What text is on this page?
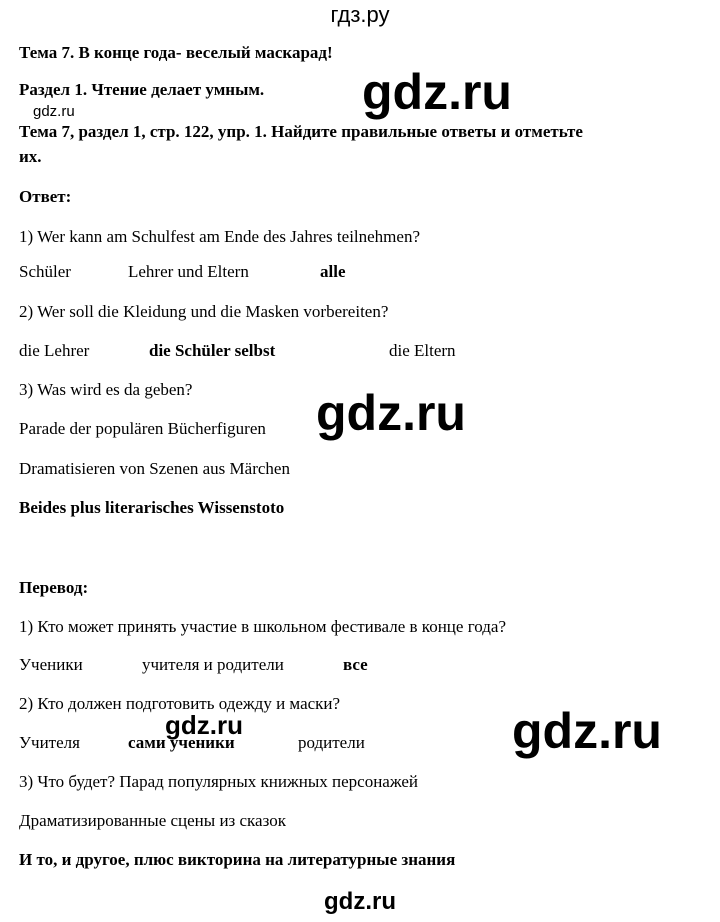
гдз.ру
Тема 7. В конце года- веселый маскарад!
Раздел 1. Чтение делает умным.
gdz.ru
Тема 7, раздел 1, стр. 122, упр. 1. Найдите правильные ответы и отметьте
их.
gdz.ru
Ответ:
1) Wer kann am Schulfest am Ende des Jahres teilnehmen?
Schüler	Lehrer und Eltern	alle
2) Wer soll die Kleidung und die Masken vorbereiten?
die Lehrer	die Schüler selbst	die Eltern
3) Was wird es da geben?
Parade der populären Bücherfiguren gdz.ru
Dramatisieren von Szenen aus Märchen
Beides plus literarisches Wissenstoto
Перевод:
1) Кто может принять участие в школьном фестивале в конце года?
Ученики	учителя и родители	все
2) Кто должен подготовить одежду и маски?
gdz.ru
Учителя	сами ученики	родители	gdz.ru
3) Что будет? Парад популярных книжных персонажей
Драматизированные сцены из сказок
И то, и другое, плюс викторина на литературные знания
gdz.ru
